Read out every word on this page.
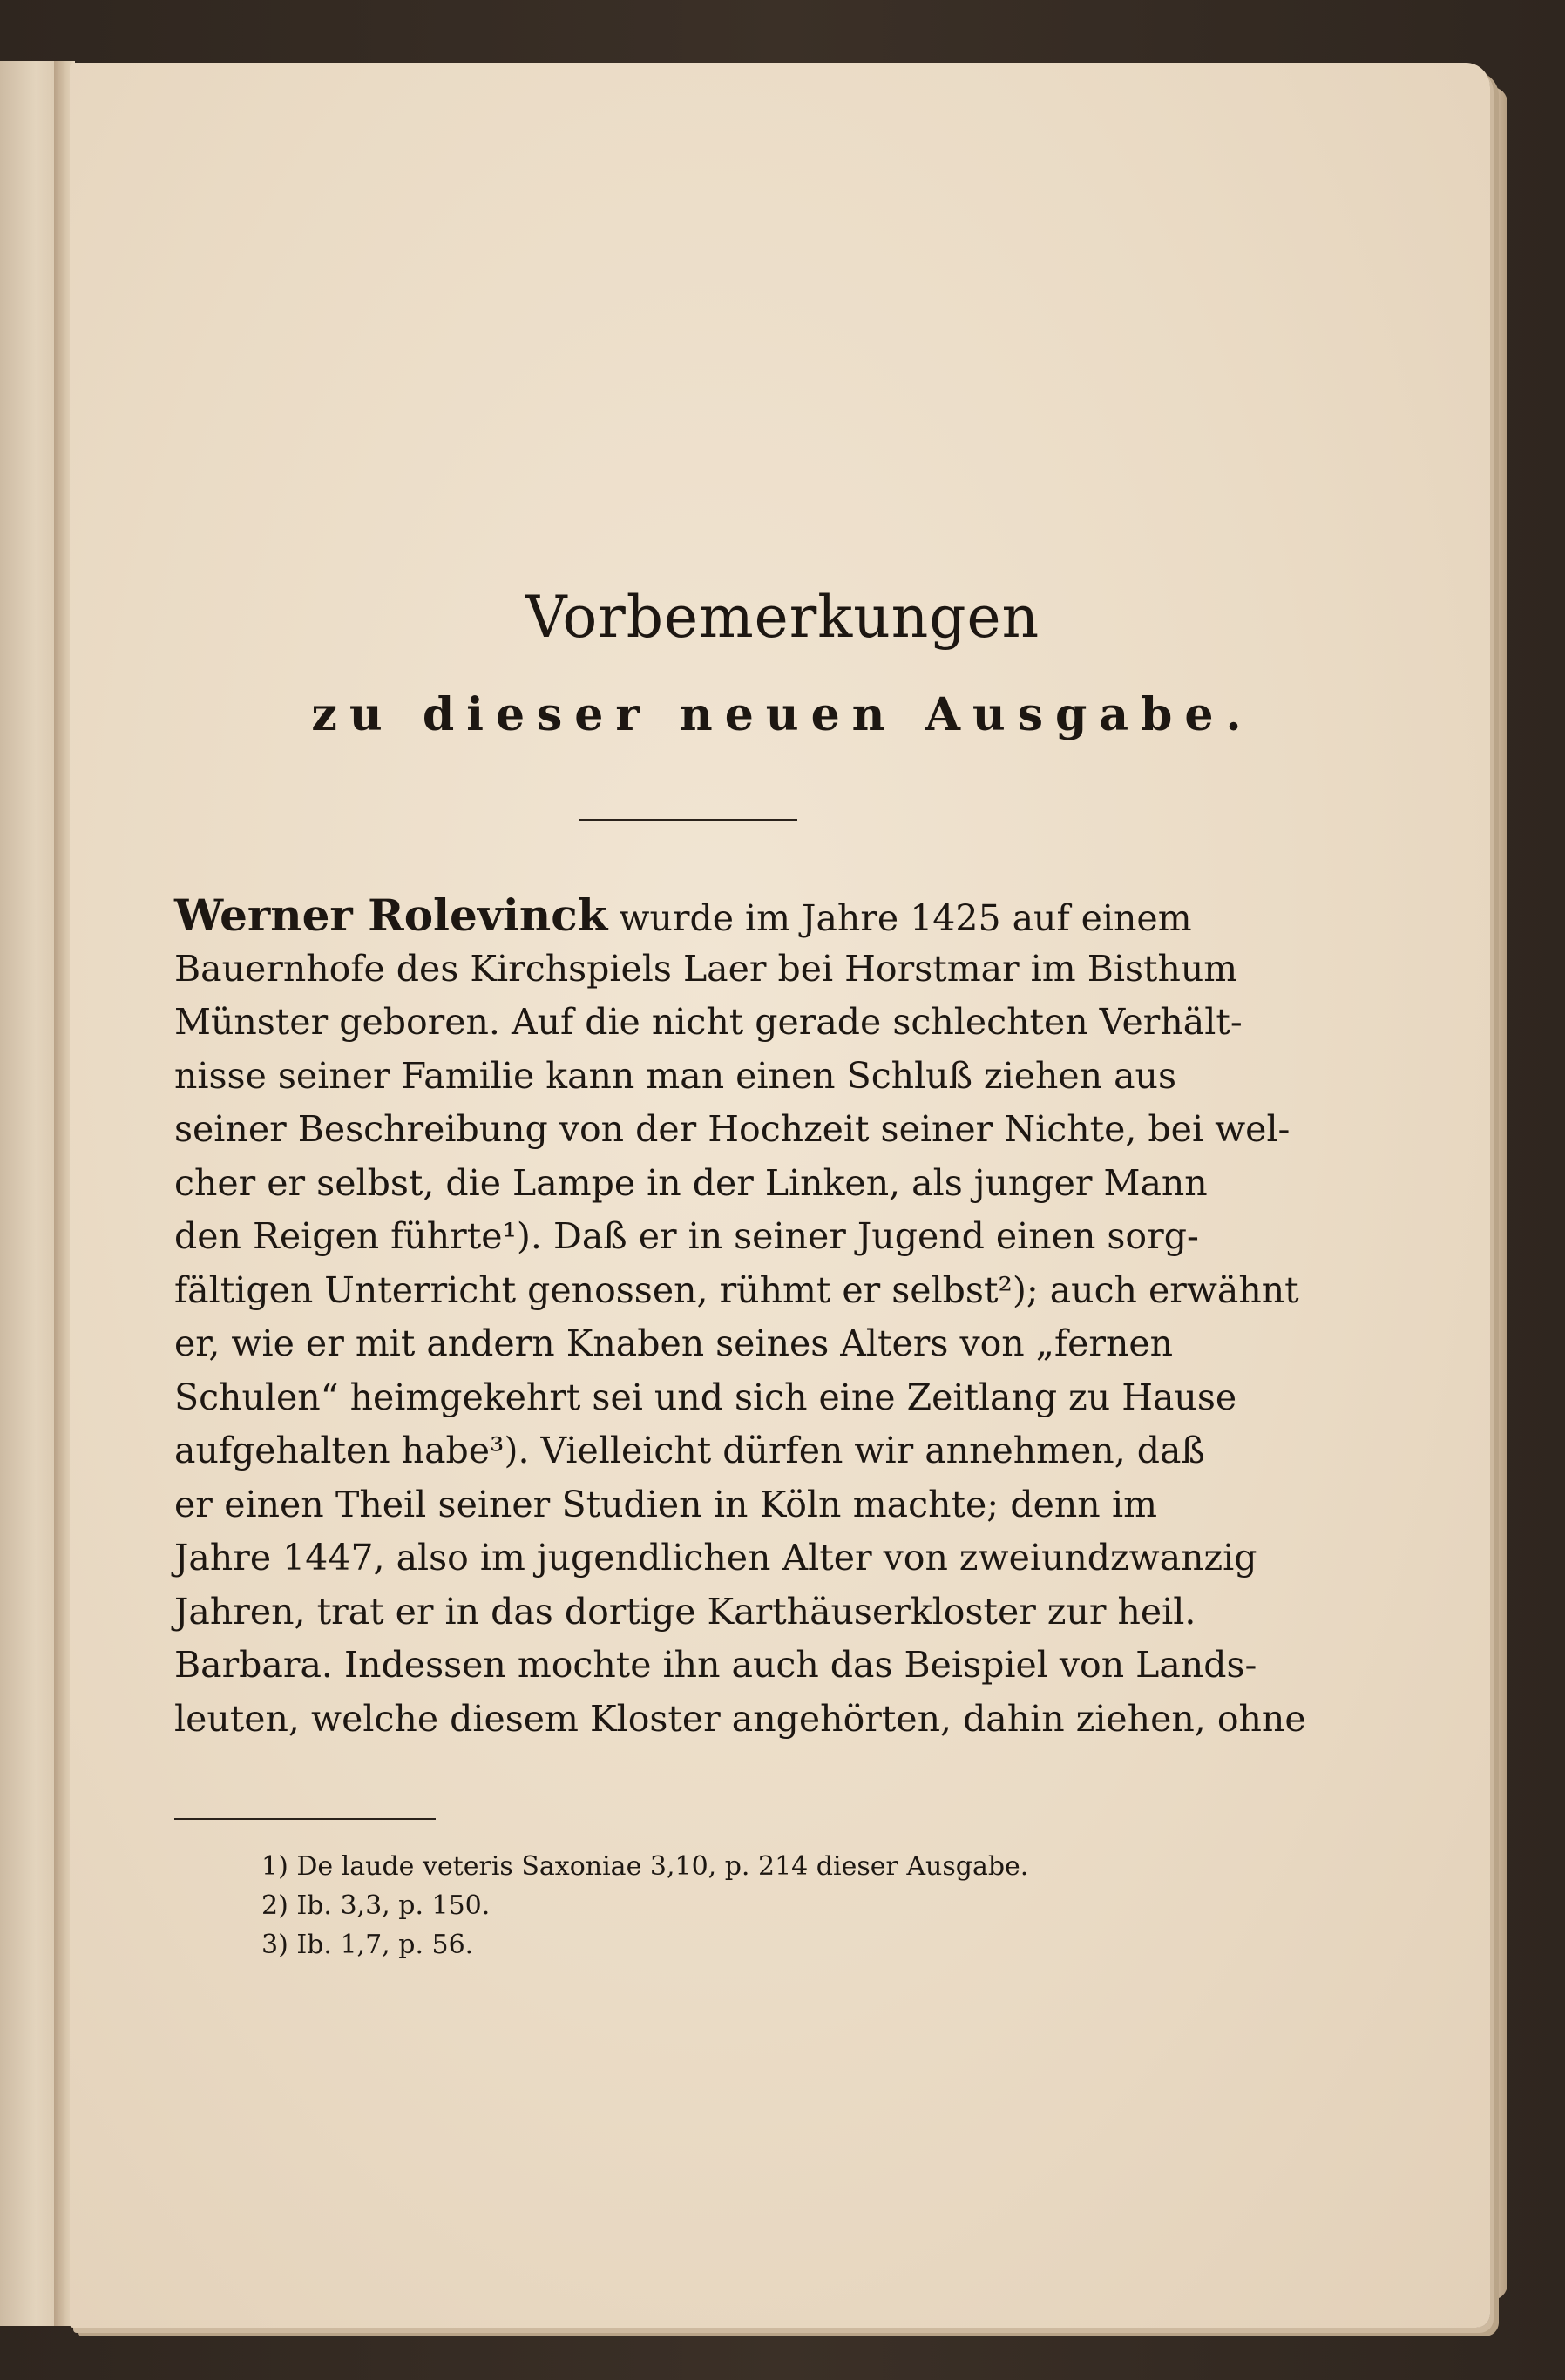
Vorbemerkungen
zu dieser neuen Ausgabe.
Werner Rolevinck wurde im Jahre 1425 auf einem
Bauernhofe des Kirchspiels Laer bei Horstmar im Bisthum
Münster geboren. Auf die nicht gerade schlechten Verhält-
nisse seiner Familie kann man einen Schluß ziehen aus
seiner Beschreibung von der Hochzeit seiner Nichte, bei wel-
cher er selbst, die Lampe in der Linken, als junger Mann
den Reigen führte¹). Daß er in seiner Jugend einen sorg-
fältigen Unterricht genossen, rühmt er selbst²); auch erwähnt
er, wie er mit andern Knaben seines Alters von „fernen
Schulen“ heimgekehrt sei und sich eine Zeitlang zu Hause
aufgehalten habe³). Vielleicht dürfen wir annehmen, daß
er einen Theil seiner Studien in Köln machte; denn im
Jahre 1447, also im jugendlichen Alter von zweiundzwanzig
Jahren, trat er in das dortige Karthäuserkloster zur heil.
Barbara. Indessen mochte ihn auch das Beispiel von Lands-
leuten, welche diesem Kloster angehörten, dahin ziehen, ohne
1) De laude veteris Saxoniae 3,10, p. 214 dieser Ausgabe.
2) Ib. 3,3, p. 150.
3) Ib. 1,7, p. 56.
